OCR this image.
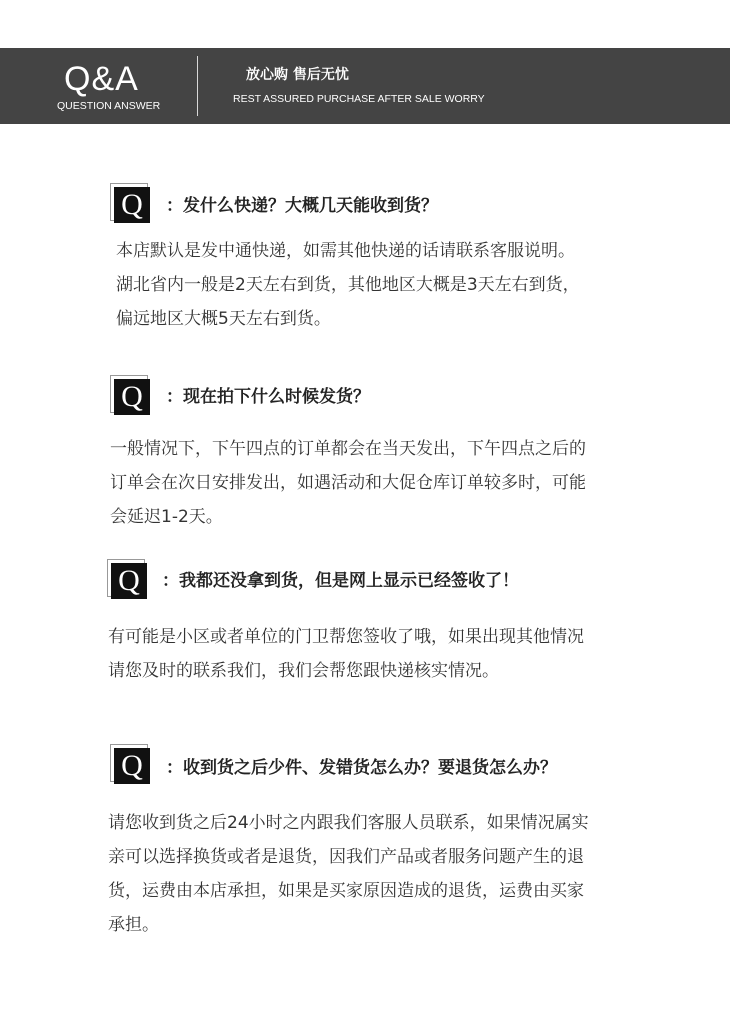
Q&A
QUESTION ANSWER
放心购 售后无忧
REST ASSURED PURCHASE AFTER SALE WORRY
Q	：发什么快递？大概几天能收到货？
本店默认是发中通快递，如需其他快递的话请联系客服说明。
湖北省内一般是2天左右到货，其他地区大概是3天左右到货，
偏远地区大概5天左右到货。
Q	：现在拍下什么时候发货？
一般情况下，下午四点的订单都会在当天发出，下午四点之后的
订单会在次日安排发出，如遇活动和大促仓库订单较多时，可能
会延迟1-2天。
Q	：我都还没拿到货，但是网上显示已经签收了！
有可能是小区或者单位的门卫帮您签收了哦，如果出现其他情况
请您及时的联系我们，我们会帮您跟快递核实情况。
Q	：收到货之后少件、发错货怎么办？要退货怎么办？
请您收到货之后24小时之内跟我们客服人员联系，如果情况属实
亲可以选择换货或者是退货，因我们产品或者服务问题产生的退
货，运费由本店承担，如果是买家原因造成的退货，运费由买家
承担。
